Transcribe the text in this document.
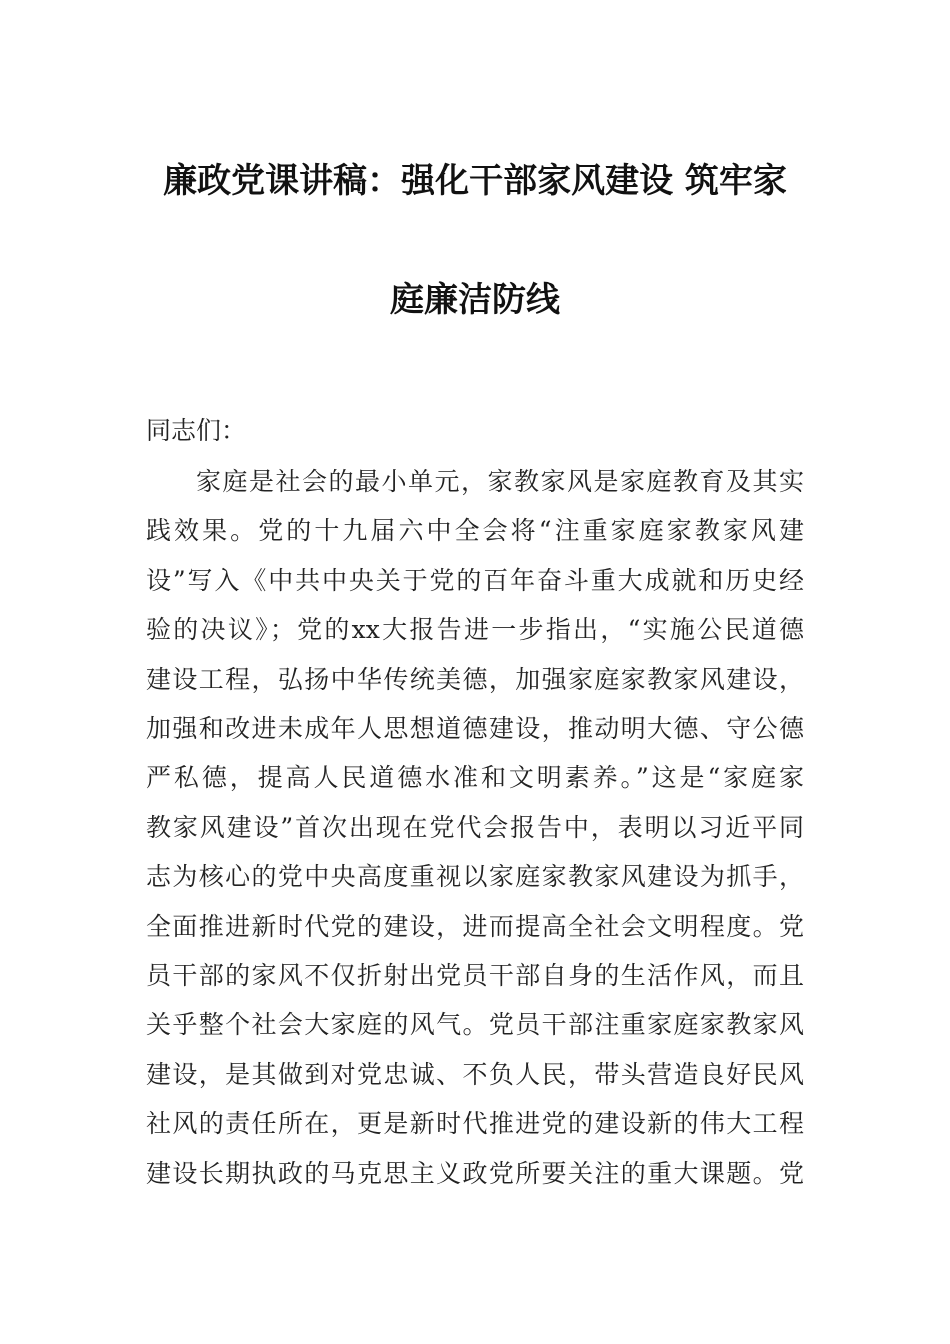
廉政党课讲稿：强化干部家风建设 筑牢家
庭廉洁防线
同志们：
家庭是社会的最小单元，家教家风是家庭教育及其实
践效果。党的十九届六中全会将“注重家庭家教家风建
设”写入《中共中央关于党的百年奋斗重大成就和历史经
验的决议》；党的xx大报告进一步指出，“实施公民道德
建设工程，弘扬中华传统美德，加强家庭家教家风建设，
加强和改进未成年人思想道德建设，推动明大德、守公德
严私德，提高人民道德水准和文明素养。”这是“家庭家
教家风建设”首次出现在党代会报告中，表明以习近平同
志为核心的党中央高度重视以家庭家教家风建设为抓手，
全面推进新时代党的建设，进而提高全社会文明程度。党
员干部的家风不仅折射出党员干部自身的生活作风，而且
关乎整个社会大家庭的风气。党员干部注重家庭家教家风
建设，是其做到对党忠诚、不负人民，带头营造良好民风
社风的责任所在，更是新时代推进党的建设新的伟大工程
建设长期执政的马克思主义政党所要关注的重大课题。党
